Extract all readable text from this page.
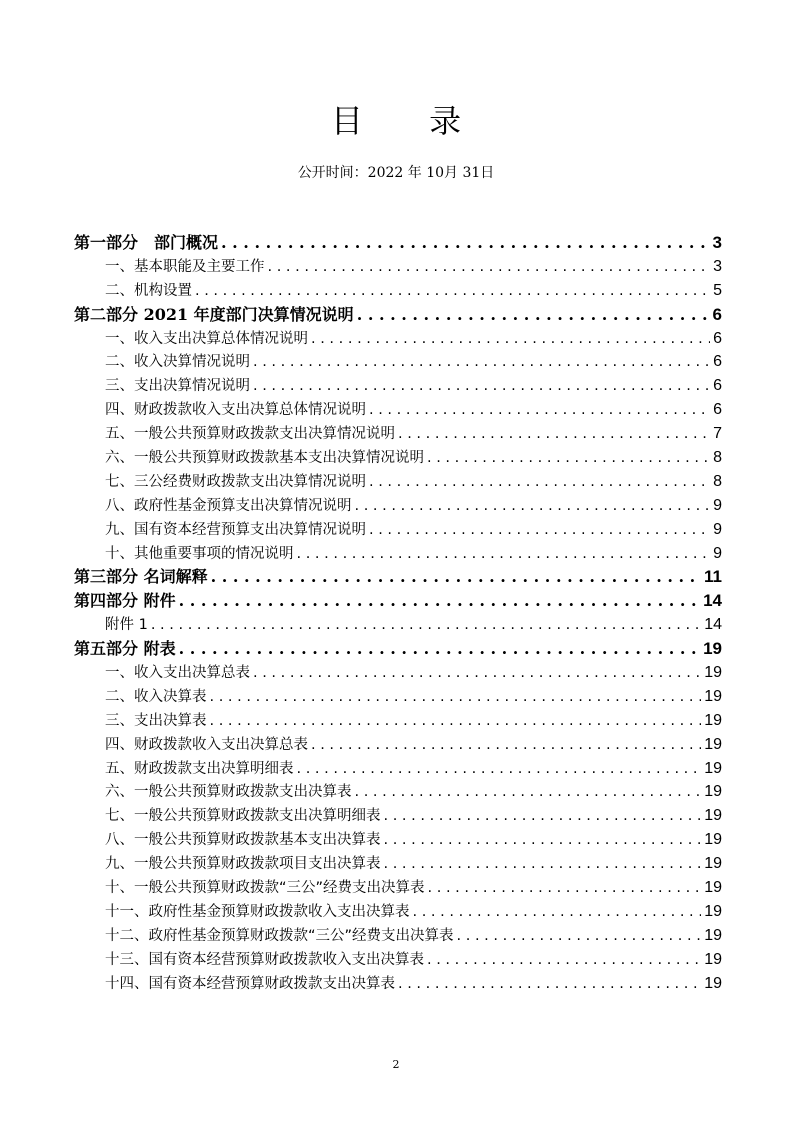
目 录
公开时间：2022 年 10月 31日
第一部分　部门概况 . . .	3
一、基本职能及主要工作 . . .	3
二、机构设置 . . .	5
第二部分 2021 年度部门决算情况说明 . . .	6
一、收入支出决算总体情况说明 . . .	6
二、收入决算情况说明 . . .	6
三、支出决算情况说明 . . .	6
四、财政拨款收入支出决算总体情况说明 . . .	6
五、一般公共预算财政拨款支出决算情况说明 . . .	7
六、一般公共预算财政拨款基本支出决算情况说明 . . .	8
七、三公经费财政拨款支出决算情况说明 . . .	8
八、政府性基金预算支出决算情况说明 . . .	9
九、国有资本经营预算支出决算情况说明 . . .	9
十、其他重要事项的情况说明 . . .	9
第三部分 名词解释 . . .	11
第四部分 附件 . . .	14
附件 1 . . .	14
第五部分 附表 . . .	19
一、收入支出决算总表 . . .	19
二、收入决算表 . . .	19
三、支出决算表 . . .	19
四、财政拨款收入支出决算总表 . . .	19
五、财政拨款支出决算明细表 . . .	19
六、一般公共预算财政拨款支出决算表 . . .	19
七、一般公共预算财政拨款支出决算明细表 . . .	19
八、一般公共预算财政拨款基本支出决算表 . . .	19
九、一般公共预算财政拨款项目支出决算表 . . .	19
十、一般公共预算财政拨款“三公”经费支出决算表 . . .	19
十一、政府性基金预算财政拨款收入支出决算表 . . .	19
十二、政府性基金预算财政拨款“三公”经费支出决算表 . . .	19
十三、国有资本经营预算财政拨款收入支出决算表 . . .	19
十四、国有资本经营预算财政拨款支出决算表 . . .	19
2
